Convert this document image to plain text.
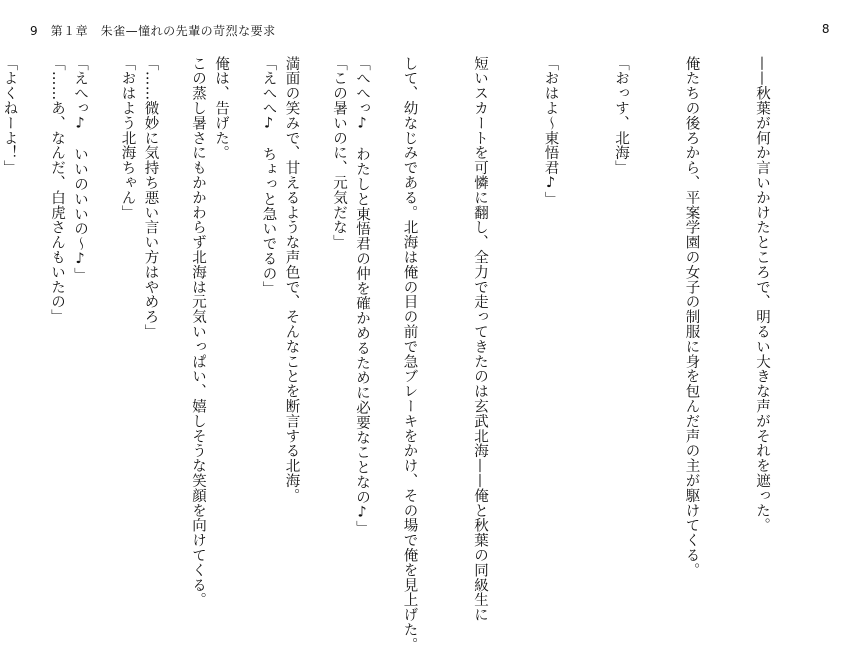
9　第１章　朱雀—憧れの先輩の苛烈な要求	8

——秋葉が何か言いかけたところで、明るい大きな声がそれを遮った。

俺たちの後ろから、平案学園の女子の制服に身を包んだ声の主が駆けてくる。

「おっす、北海」

「おはよ～東悟君♪」

短いスカートを可憐に翻し、全力で走ってきたのは玄武北海——俺と秋葉の同級生に

して、幼なじみである。北海は俺の目の前で急ブレーキをかけ、その場で俺を見上げた。

「この暑いのに、元気だな」

「えへへ♪　ちょっと急いでるの」

この蒸し暑さにもかかわらず北海は元気いっぱい、嬉しそうな笑顔を向けてくる。

「おはよう北海ちゃん」

「……あ、なんだ、白虎さんもいたの」

	「へへっ♪　わたしと東悟君の仲を確かめるために必要なことなの♪」

満面の笑みで、甘えるような声色で、そんなことを断言する北海。

俺は、告げた。

「……微妙に気持ち悪い言い方はやめろ」

「えへっ♪　いいのいいの～♪」

「よくねーよ！」
